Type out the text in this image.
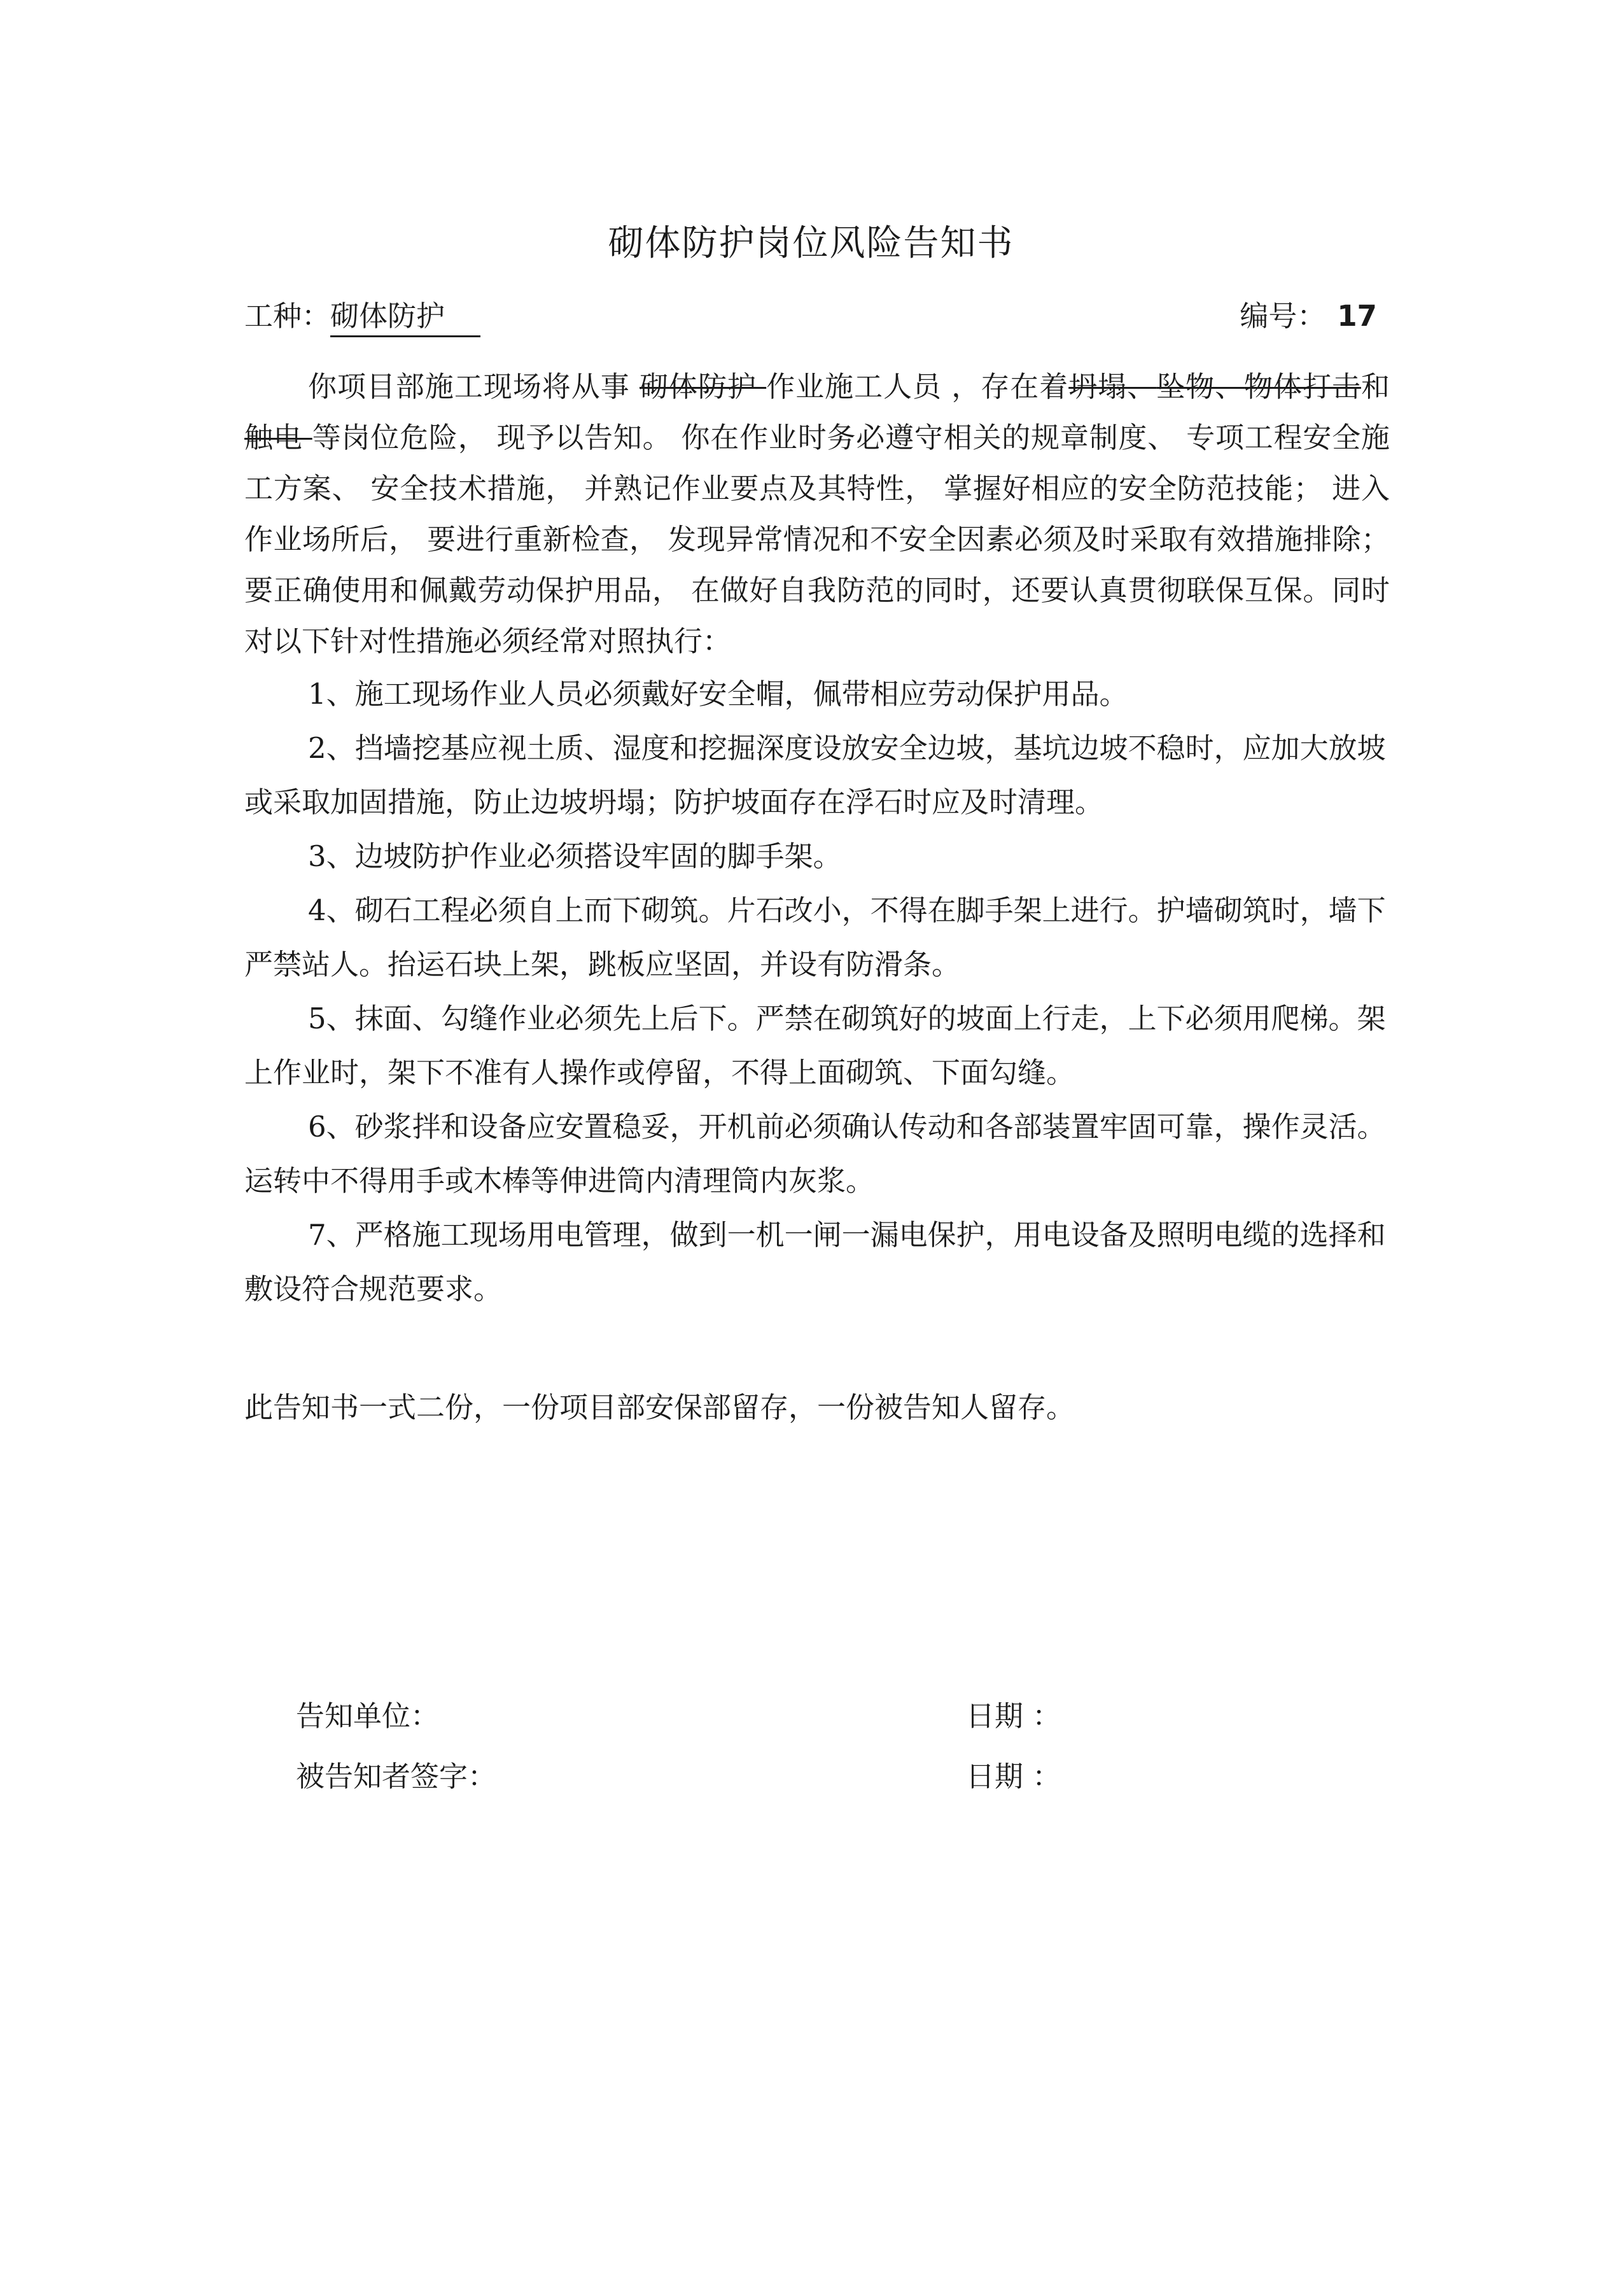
砌体防护岗位风险告知书
工种：砌体防护	编号： 17

你项目部施工现场将从事 砌体防护 作业施工人员 ，存在着坍塌、坠物、物体打击和触电 等岗位危险， 现予以告知。 你在作业时务必遵守相关的规章制度、 专项工程安全施工方案、 安全技术措施， 并熟记作业要点及其特性， 掌握好相应的安全防范技能； 进入作业场所后， 要进行重新检查， 发现异常情况和不安全因素必须及时采取有效措施排除； 要正确使用和佩戴劳动保护用品， 在做好自我防范的同时，还要认真贯彻联保互保。同时对以下针对性措施必须经常对照执行：

1、施工现场作业人员必须戴好安全帽，佩带相应劳动保护用品。

2、挡墙挖基应视土质、湿度和挖掘深度设放安全边坡，基坑边坡不稳时，应加大放坡或采取加固措施，防止边坡坍塌；防护坡面存在浮石时应及时清理。

3、边坡防护作业必须搭设牢固的脚手架。

4、砌石工程必须自上而下砌筑。片石改小，不得在脚手架上进行。护墙砌筑时，墙下严禁站人。抬运石块上架，跳板应坚固，并设有防滑条。

5、抹面、勾缝作业必须先上后下。严禁在砌筑好的坡面上行走，上下必须用爬梯。架上作业时，架下不准有人操作或停留，不得上面砌筑、下面勾缝。

6、砂浆拌和设备应安置稳妥，开机前必须确认传动和各部装置牢固可靠，操作灵活。运转中不得用手或木棒等伸进筒内清理筒内灰浆。

7、严格施工现场用电管理，做到一机一闸一漏电保护，用电设备及照明电缆的选择和敷设符合规范要求。

此告知书一式二份，一份项目部安保部留存，一份被告知人留存。
告知单位：	日期 ：
被告知者签字：	日期 ：
